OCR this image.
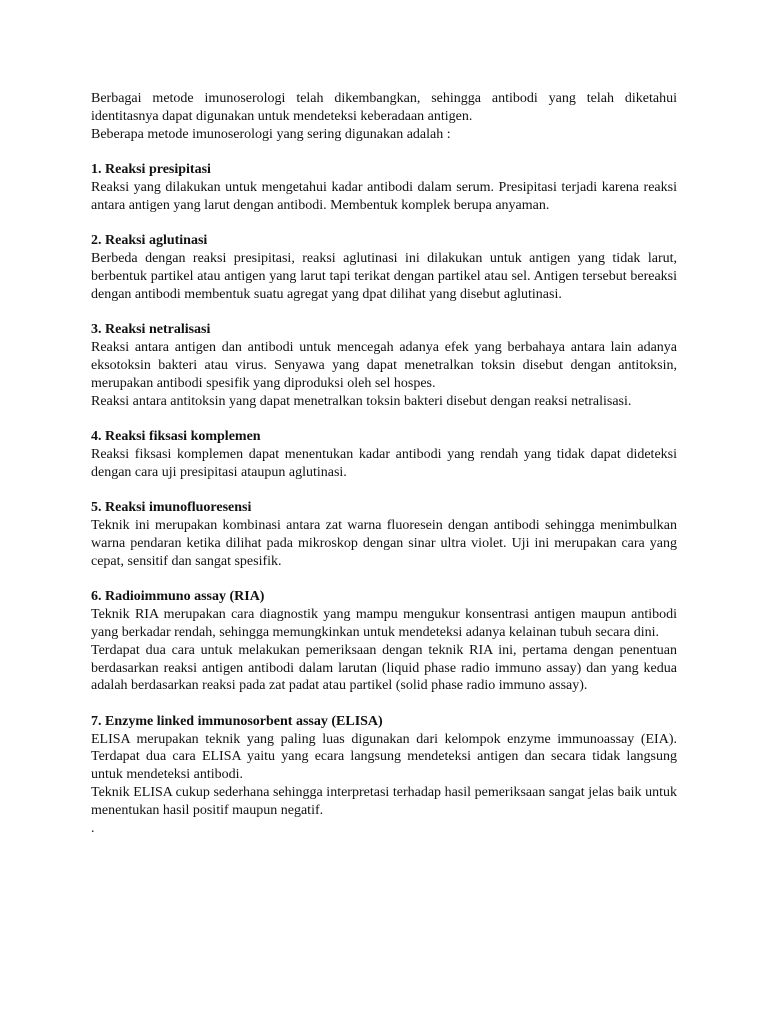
Berbagai metode imunoserologi telah dikembangkan, sehingga antibodi yang telah diketahui identitasnya dapat digunakan untuk mendeteksi keberadaan antigen.

Beberapa metode imunoserologi yang sering digunakan adalah :

1. Reaksi presipitasi

Reaksi yang dilakukan untuk mengetahui kadar antibodi dalam serum. Presipitasi terjadi karena reaksi antara antigen yang larut dengan antibodi. Membentuk komplek berupa anyaman.

2. Reaksi aglutinasi

Berbeda dengan reaksi presipitasi, reaksi aglutinasi ini dilakukan untuk antigen yang tidak larut, berbentuk partikel atau antigen yang larut tapi terikat dengan partikel atau sel. Antigen tersebut bereaksi dengan antibodi membentuk suatu agregat yang dpat dilihat yang disebut aglutinasi.

3. Reaksi netralisasi

Reaksi antara antigen dan antibodi untuk mencegah adanya efek yang berbahaya antara lain adanya eksotoksin bakteri atau virus. Senyawa yang dapat menetralkan toksin disebut dengan antitoksin, merupakan antibodi spesifik yang diproduksi oleh sel hospes.

Reaksi antara antitoksin yang dapat menetralkan toksin bakteri disebut dengan reaksi netralisasi.

4. Reaksi fiksasi komplemen

Reaksi fiksasi komplemen dapat menentukan kadar antibodi yang rendah yang tidak dapat dideteksi dengan cara uji presipitasi ataupun aglutinasi.

5. Reaksi imunofluoresensi

Teknik ini merupakan kombinasi antara zat warna fluoresein dengan antibodi sehingga menimbulkan warna pendaran ketika dilihat pada mikroskop dengan sinar ultra violet. Uji ini merupakan cara yang cepat, sensitif dan sangat spesifik.

6. Radioimmuno assay (RIA)

Teknik RIA merupakan cara diagnostik yang mampu mengukur konsentrasi antigen maupun antibodi yang berkadar rendah, sehingga memungkinkan untuk mendeteksi adanya kelainan tubuh secara dini.

Terdapat dua cara untuk melakukan pemeriksaan dengan teknik RIA ini, pertama dengan penentuan berdasarkan reaksi antigen antibodi dalam larutan (liquid phase radio immuno assay) dan yang kedua adalah berdasarkan reaksi pada zat padat atau partikel (solid phase radio immuno assay).

7. Enzyme linked immunosorbent assay (ELISA)

ELISA merupakan teknik yang paling luas digunakan dari kelompok enzyme immunoassay (EIA). Terdapat dua cara ELISA yaitu yang ecara langsung mendeteksi antigen dan secara tidak langsung untuk mendeteksi antibodi.

Teknik ELISA cukup sederhana sehingga interpretasi terhadap hasil pemeriksaan sangat jelas baik untuk menentukan hasil positif maupun negatif.

.
